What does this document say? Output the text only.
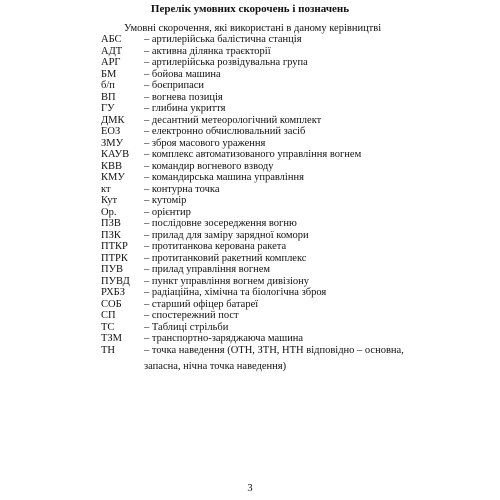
Перелік умовних скорочень і позначень
Умовні скорочення, які використані в даному керівництві
АБС	– артилерійська балістична станція
АДТ	– активна ділянка траєкторії
АРГ	– артилерійська розвідувальна група
БМ	– бойова машина
б/п	– боєприпаси
ВП	– вогнева позиція
ГУ	– глибина укриття
ДМК	– десантний метеорологічний комплект
ЕОЗ	– електронно обчислювальний засіб
ЗМУ	– зброя масового ураження
КАУВ	– комплекс автоматизованого управління вогнем
КВВ	– командир вогневого взводу
КМУ	– командирська машина управління
кт	– контурна точка
Кут	– кутомір
Ор.	– орієнтир
ПЗВ	– послідовне зосередження вогню
ПЗК	– прилад для заміру зарядної комори
ПТКР	– протитанкова керована ракета
ПТРК	– протитанковий ракетний комплекс
ПУВ	– прилад управління вогнем
ПУВД	– пункт управління вогнем дивізіону
РХБЗ	– радіаційна, хімічна та біологічна зброя
СОБ	– старший офіцер батареї
СП	– спостережний пост
ТС	– Таблиці стрільби
ТЗМ	– транспортно-заряджаюча машина
ТН	– точка наведення (ОТН, ЗТН, НТН відповідно – основна, запасна, нічна точка наведення)
3
